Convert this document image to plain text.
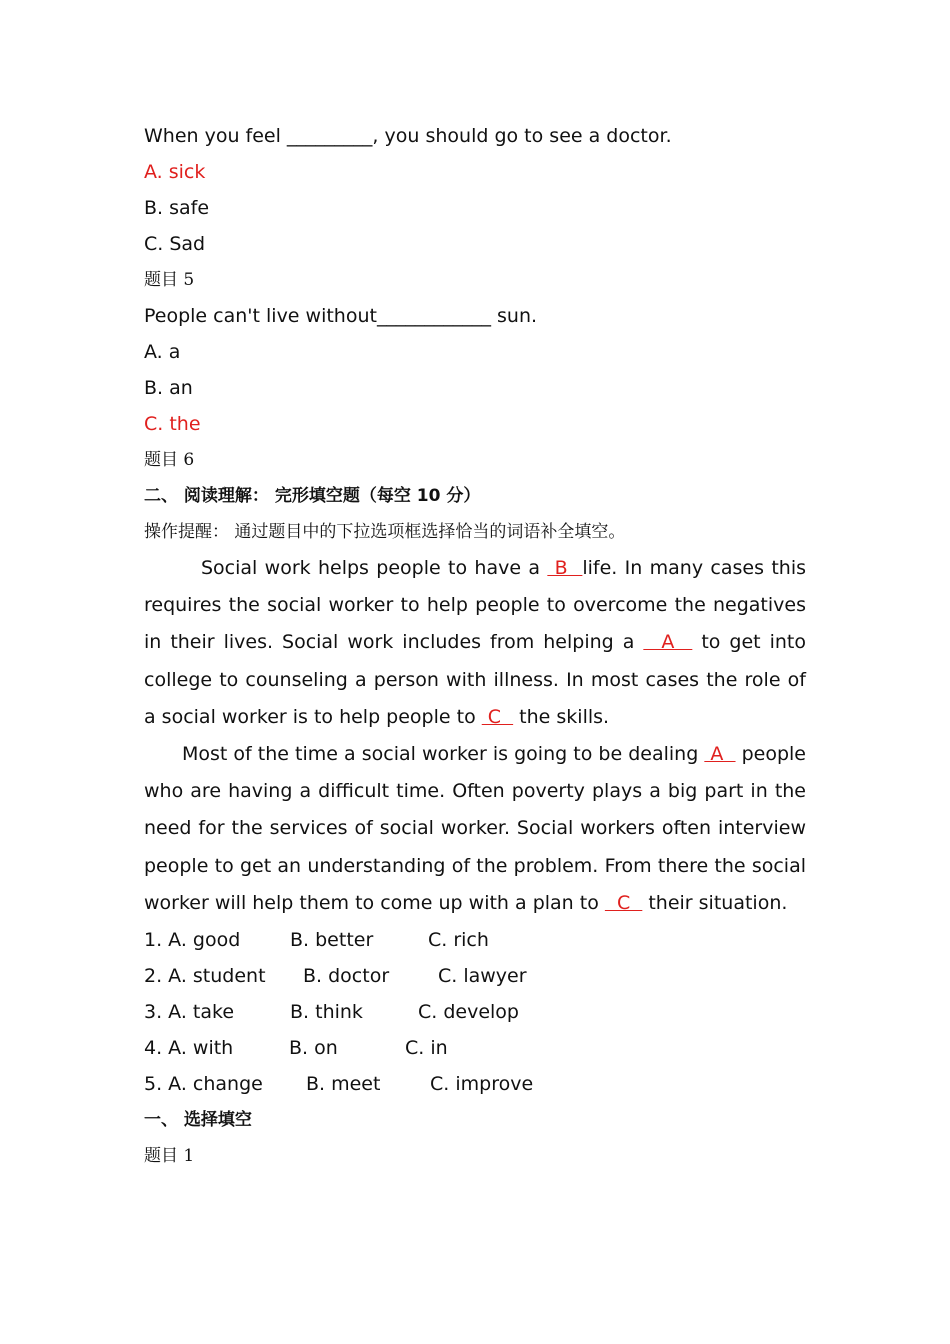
When you feel _________, you should go to see a doctor.
A. sick
B. safe
C. Sad
题目 5
People can't live without____________ sun.
A. a
B. an
C. the
题目 6
二、 阅读理解： 完形填空题（每空 10 分）
操作提醒： 通过题目中的下拉选项框选择恰当的词语补全填空。
Social work helps people to have a  B  life. In many cases this requires the social worker to help people to overcome the negatives in their lives. Social work includes from helping a   A   to get into college to counseling a person with illness. In most cases the role of a social worker is to help people to  C   the skills.
Most of the time a social worker is going to be dealing  A   people who are having a difficult time. Often poverty plays a big part in the need for the services of social worker. Social workers often interview people to get an understanding of the problem. From there the social worker will help them to come up with a plan to   C   their situation.
1. A. good	B. better	C. rich
2. A. student	B. doctor	C. lawyer
3. A. take	B. think	C. develop
4. A. with	B. on	C. in
5. A. change	B. meet	C. improve
一、 选择填空
题目 1
